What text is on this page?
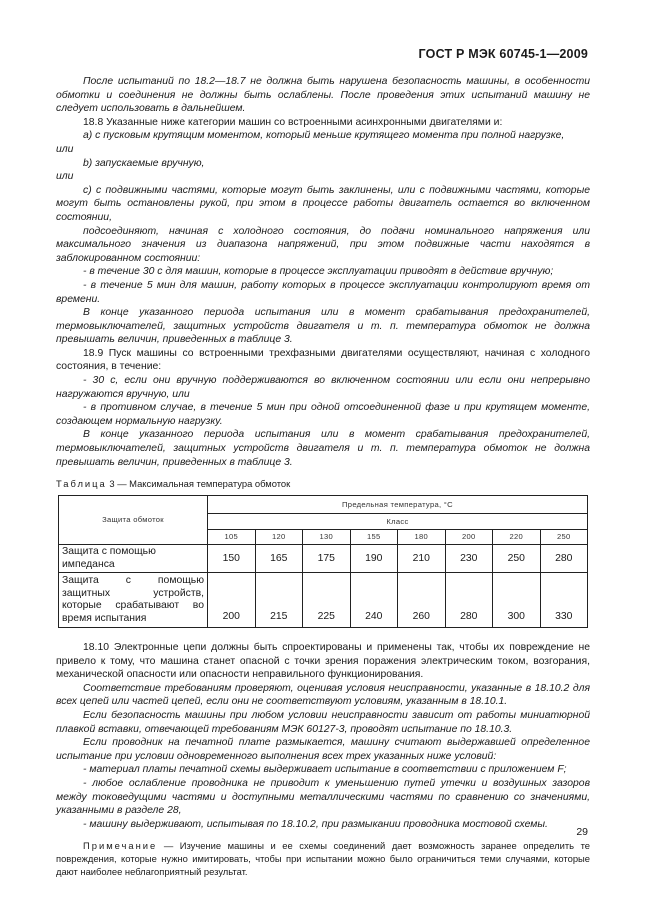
ГОСТ Р МЭК 60745-1—2009

После испытаний по 18.2—18.7 не должна быть нарушена безопасность машины, в особенности обмотки и соединения не должны быть ослаблены. После проведения этих испытаний машину не следует использовать в дальнейшем.

18.8 Указанные ниже категории машин со встроенными асинхронными двигателями и:

a) с пусковым крутящим моментом, который меньше крутящего момента при полной нагрузке,

или

b) запускаемые вручную,

или

c) с подвижными частями, которые могут быть заклинены, или с подвижными частями, которые могут быть остановлены рукой, при этом в процессе работы двигатель остается во включенном состоянии,

подсоединяют, начиная с холодного состояния, до подачи номинального напряжения или максимального значения из диапазона напряжений, при этом подвижные части находятся в заблокированном состоянии:

- в течение 30 с для машин, которые в процессе эксплуатации приводят в действие вручную;

- в течение 5 мин для машин, работу которых в процессе эксплуатации контролируют время от времени.

В конце указанного периода испытания или в момент срабатывания предохранителей, термовыключателей, защитных устройств двигателя и т. п. температура обмоток не должна превышать величин, приведенных в таблице 3.

18.9 Пуск машины со встроенными трехфазными двигателями осуществляют, начиная с холодного состояния, в течение:

- 30 с, если они вручную поддерживаются во включенном состоянии или если они непрерывно нагружаются вручную, или

- в противном случае, в течение 5 мин при одной отсоединенной фазе и при крутящем моменте, создающем нормальную нагрузку.

В конце указанного периода испытания или в момент срабатывания предохранителей, термовыключателей, защитных устройств двигателя и т. п. температура обмоток не должна превышать величин, приведенных в таблице 3.

Таблица 3 — Максимальная температура обмоток

Защита обмоток	Предельная температура, °С							
	Класс							
	105	120	130	155	180	200	220	250
Защита с помощью импеданса	150	165	175	190	210	230	250	280
Защита с помощью защитных устройств, которые срабатывают во время испытания	200	215	225	240	260	280	300	330

18.10 Электронные цепи должны быть спроектированы и применены так, чтобы их повреждение не привело к тому, что машина станет опасной с точки зрения поражения электрическим током, возгорания, механической опасности или опасности неправильного функционирования.

Соответствие требованиям проверяют, оценивая условия неисправности, указанные в 18.10.2 для всех цепей или частей цепей, если они не соответствуют условиям, указанным в 18.10.1.

Если безопасность машины при любом условии неисправности зависит от работы миниатюрной плавкой вставки, отвечающей требованиям МЭК 60127-3, проводят испытание по 18.10.3.

Если проводник на печатной плате размыкается, машину считают выдержавшей определенное испытание при условии одновременного выполнения всех трех указанных ниже условий:

- материал платы печатной схемы выдерживает испытание в соответствии с приложением F;

- любое ослабление проводника не приводит к уменьшению путей утечки и воздушных зазоров между токоведущими частями и доступными металлическими частями по сравнению со значениями, указанными в разделе 28,

- машину выдерживают, испытывая по 18.10.2, при размыкании проводника мостовой схемы.

Примечание — Изучение машины и ее схемы соединений дает возможность заранее определить те повреждения, которые нужно имитировать, чтобы при испытании можно было ограничиться теми случаями, которые дают наиболее неблагоприятный результат.

29
